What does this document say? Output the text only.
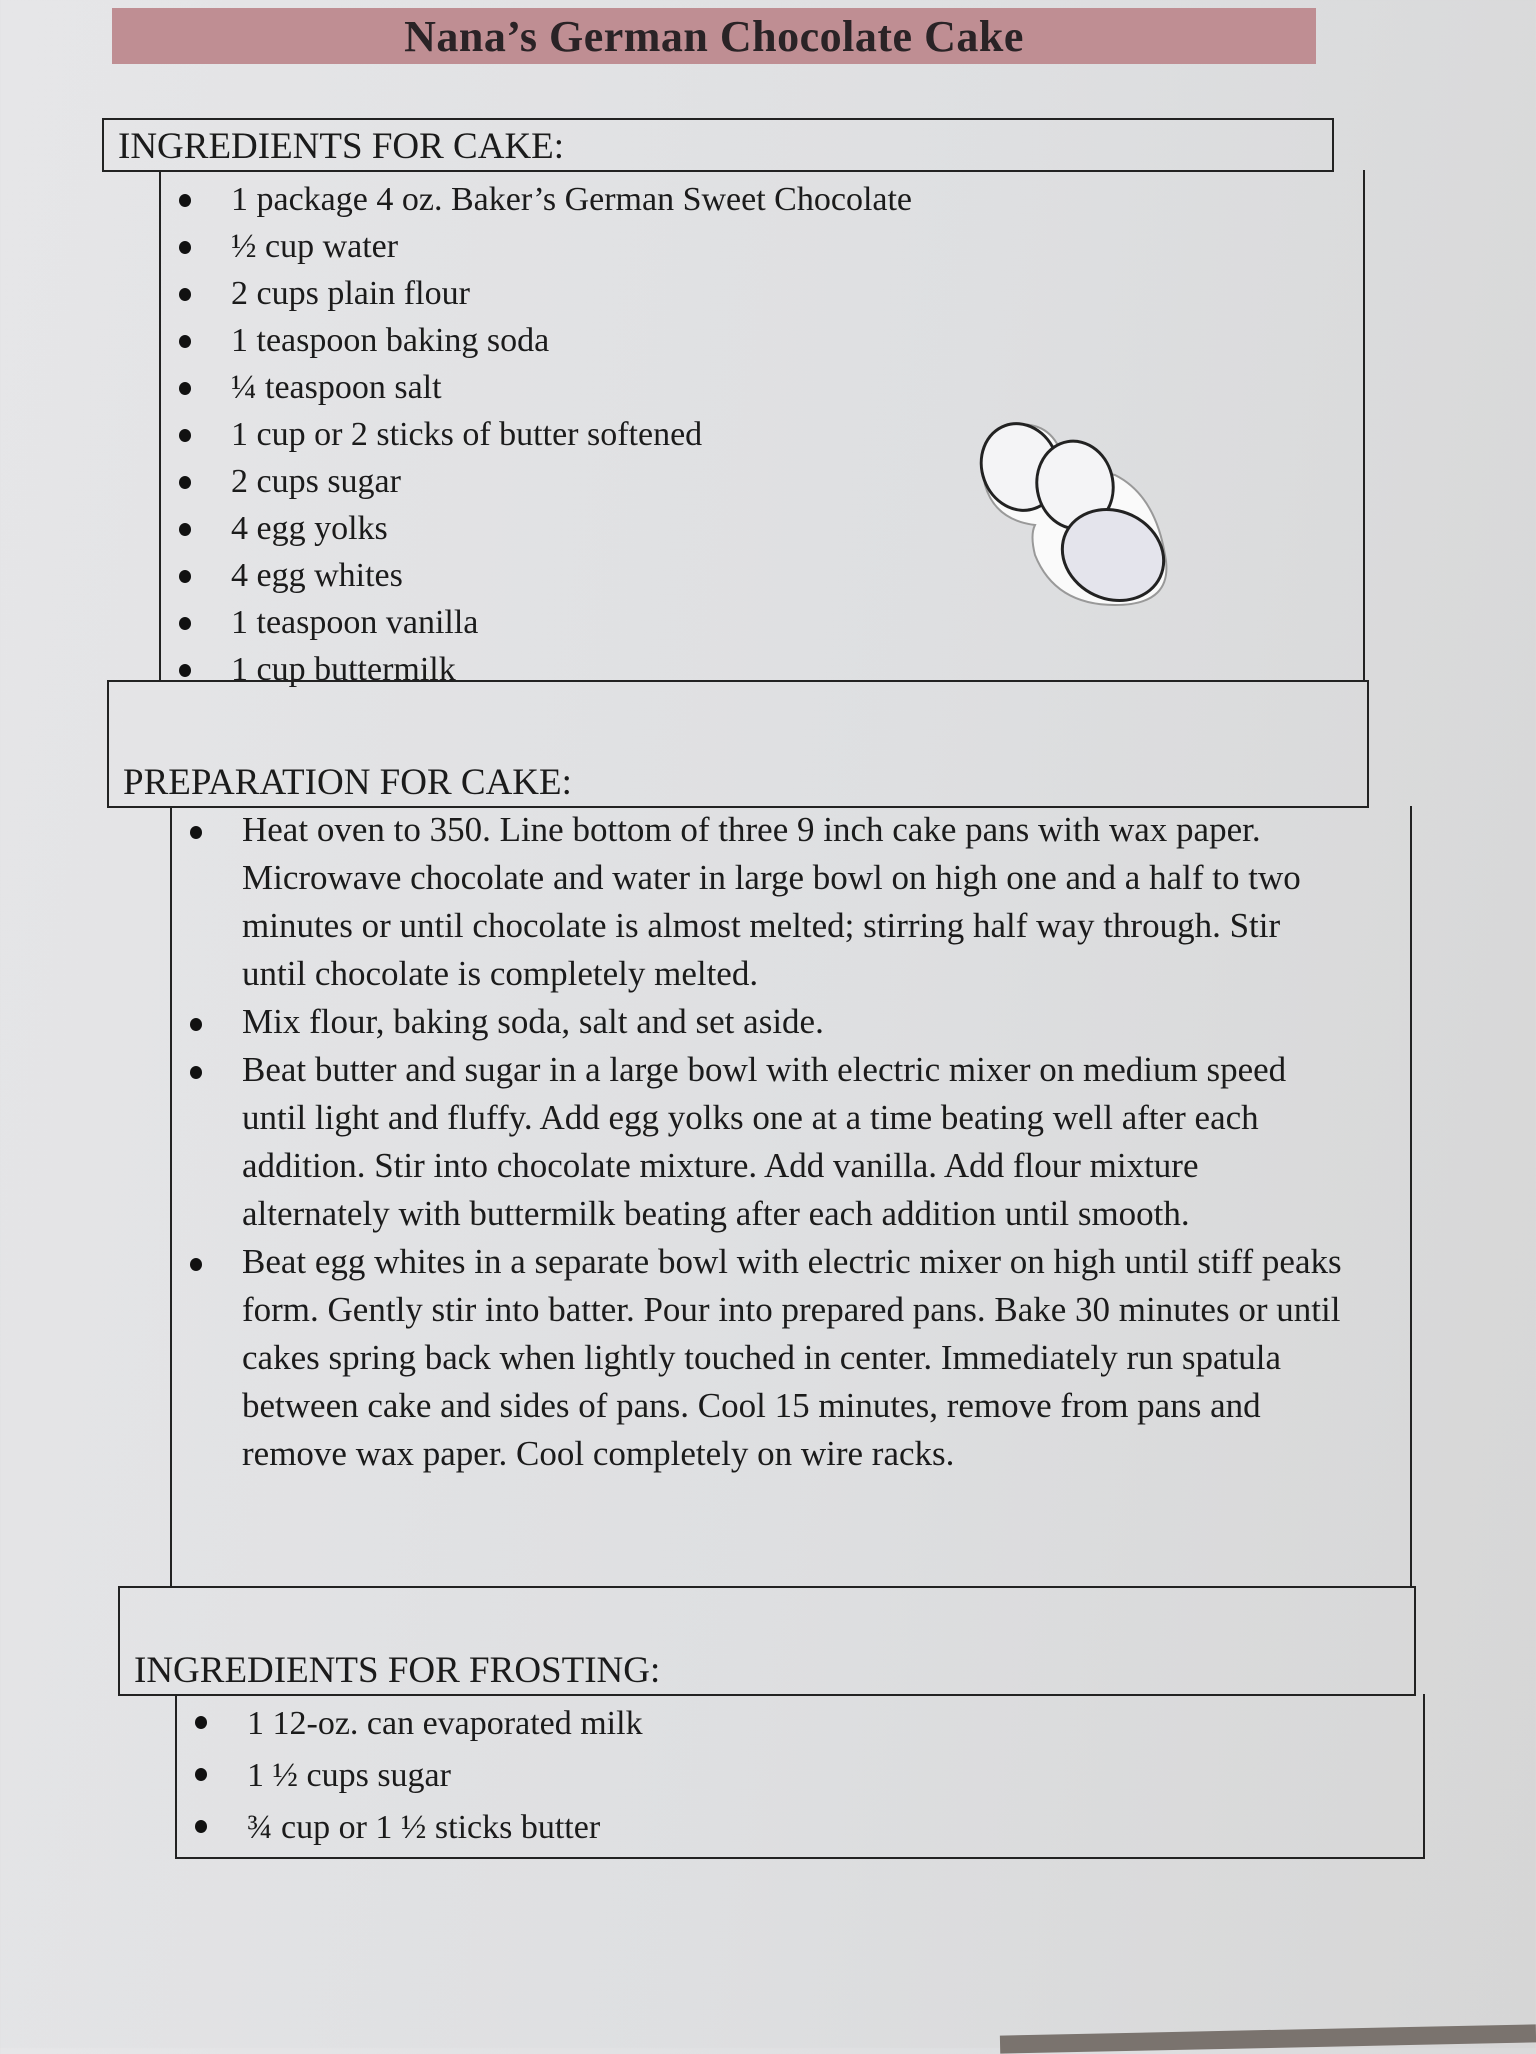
Nana’s German Chocolate Cake
INGREDIENTS FOR CAKE:
1 package 4 oz. Baker’s German Sweet Chocolate
½ cup water
2 cups plain flour
1 teaspoon baking soda
¼ teaspoon salt
1 cup or 2 sticks of butter softened
2 cups sugar
4 egg yolks
4 egg whites
1 teaspoon vanilla
1 cup buttermilk
PREPARATION FOR CAKE:
Heat oven to 350. Line bottom of three 9 inch cake pans with wax paper. Microwave chocolate and water in large bowl on high one and a half to two minutes or until chocolate is almost melted; stirring half way through. Stir until chocolate is completely melted.
Mix flour, baking soda, salt and set aside.
Beat butter and sugar in a large bowl with electric mixer on medium speed until light and fluffy. Add egg yolks one at a time beating well after each addition. Stir into chocolate mixture. Add vanilla. Add flour mixture alternately with buttermilk beating after each addition until smooth.
Beat egg whites in a separate bowl with electric mixer on high until stiff peaks form. Gently stir into batter. Pour into prepared pans. Bake 30 minutes or until cakes spring back when lightly touched in center. Immediately run spatula between cake and sides of pans. Cool 15 minutes, remove from pans and remove wax paper. Cool completely on wire racks.
INGREDIENTS FOR FROSTING:
1 12-oz. can evaporated milk
1 ½ cups sugar
¾ cup or 1 ½ sticks butter
